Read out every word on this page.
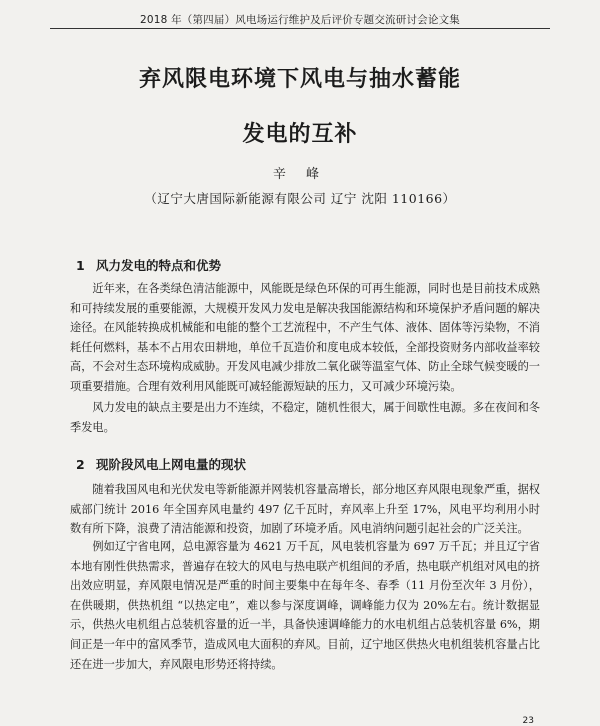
2018 年（第四届）风电场运行维护及后评价专题交流研讨会论文集
弃风限电环境下风电与抽水蓄能
发电的互补
辛 峰
（辽宁大唐国际新能源有限公司 辽宁 沈阳 110166）
1 风力发电的特点和优势

近年来，在各类绿色清洁能源中，风能既是绿色环保的可再生能源，同时也是目前技术成熟和可持续发展的重要能源，大规模开发风力发电是解决我国能源结构和环境保护矛盾问题的解决途径。在风能转换成机械能和电能的整个工艺流程中，不产生气体、液体、固体等污染物，不消耗任何燃料，基本不占用农田耕地，单位千瓦造价和度电成本较低，全部投资财务内部收益率较高，不会对生态环境构成威胁。开发风电减少排放二氧化碳等温室气体、防止全球气候变暖的一项重要措施。合理有效利用风能既可减轻能源短缺的压力，又可减少环境污染。

风力发电的缺点主要是出力不连续，不稳定，随机性很大，属于间歇性电源。多在夜间和冬季发电。

2 现阶段风电上网电量的现状

随着我国风电和光伏发电等新能源并网装机容量高增长，部分地区弃风限电现象严重，据权威部门统计 2016 年全国弃风电量约 497 亿千瓦时，弃风率上升至 17%，风电平均利用小时数有所下降，浪费了清洁能源和投资，加剧了环境矛盾。风电消纳问题引起社会的广泛关注。

例如辽宁省电网，总电源容量为 4621 万千瓦，风电装机容量为 697 万千瓦；并且辽宁省本地有刚性供热需求，普遍存在较大的风电与热电联产机组间的矛盾，热电联产机组对风电的挤出效应明显，弃风限电情况是严重的时间主要集中在每年冬、春季（11 月份至次年 3 月份），在供暖期，供热机组 “以热定电”，难以参与深度调峰，调峰能力仅为 20%左右。统计数据显示，供热火电机组占总装机容量的近一半，具备快速调峰能力的水电机组占总装机容量 6%，期间正是一年中的富风季节，造成风电大面积的弃风。目前，辽宁地区供热火电机组装机容量占比还在进一步加大，弃风限电形势还将持续。

23
